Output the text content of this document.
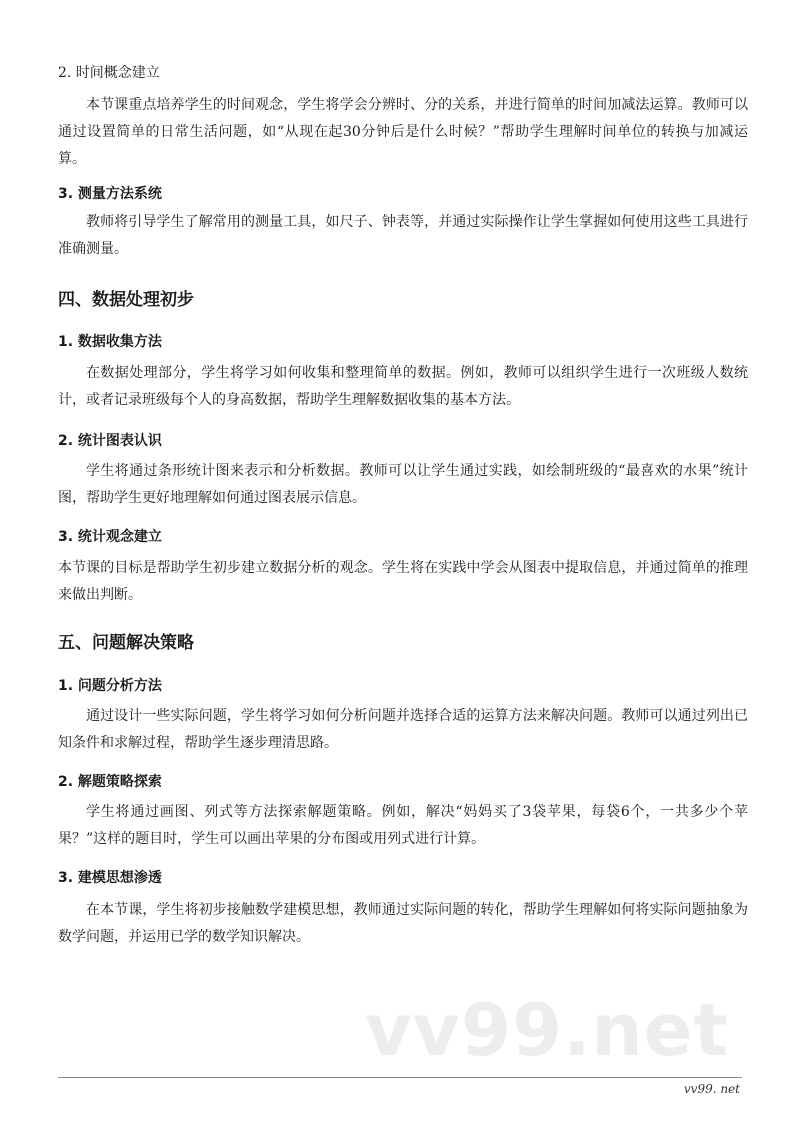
2. 时间概念建立
本节课重点培养学生的时间观念，学生将学会分辨时、分的关系，并进行简单的时间加减法运算。教师可以通过设置简单的日常生活问题，如“从现在起30分钟后是什么时候？”帮助学生理解时间单位的转换与加减运算。
3. 测量方法系统
教师将引导学生了解常用的测量工具，如尺子、钟表等，并通过实际操作让学生掌握如何使用这些工具进行准确测量。
四、数据处理初步
1. 数据收集方法
在数据处理部分，学生将学习如何收集和整理简单的数据。例如，教师可以组织学生进行一次班级人数统计，或者记录班级每个人的身高数据，帮助学生理解数据收集的基本方法。
2. 统计图表认识
学生将通过条形统计图来表示和分析数据。教师可以让学生通过实践，如绘制班级的“最喜欢的水果”统计图，帮助学生更好地理解如何通过图表展示信息。
3. 统计观念建立
本节课的目标是帮助学生初步建立数据分析的观念。学生将在实践中学会从图表中提取信息，并通过简单的推理来做出判断。
五、问题解决策略
1. 问题分析方法
通过设计一些实际问题，学生将学习如何分析问题并选择合适的运算方法来解决问题。教师可以通过列出已知条件和求解过程，帮助学生逐步理清思路。
2. 解题策略探索
学生将通过画图、列式等方法探索解题策略。例如，解决“妈妈买了3袋苹果，每袋6个，一共多少个苹果？”这样的题目时，学生可以画出苹果的分布图或用列式进行计算。
3. 建模思想渗透
在本节课，学生将初步接触数学建模思想，教师通过实际问题的转化，帮助学生理解如何将实际问题抽象为数学问题，并运用已学的数学知识解决。
vv99.net
vv99. net
